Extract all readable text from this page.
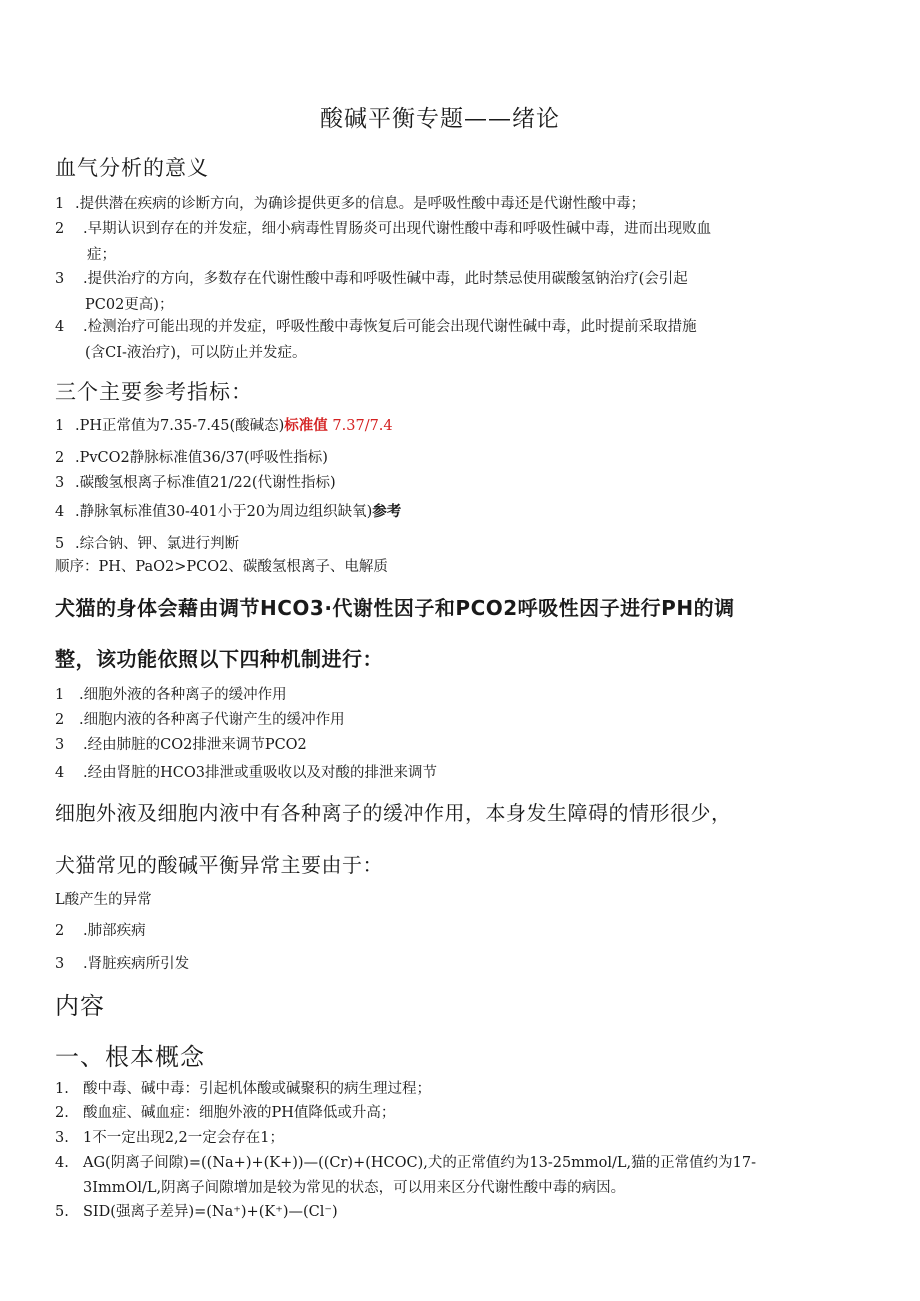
酸碱平衡专题——绪论
血气分析的意义
1 .提供潜在疾病的诊断方向，为确诊提供更多的信息。是呼吸性酸中毒还是代谢性酸中毒；
2 .早期认识到存在的并发症，细小病毒性胃肠炎可出现代谢性酸中毒和呼吸性碱中毒，进而出现败血
症；
3 .提供治疗的方向，多数存在代谢性酸中毒和呼吸性碱中毒，此时禁忌使用碳酸氢钠治疗(会引起
PC02更高)；
4 .检测治疗可能出现的并发症，呼吸性酸中毒恢复后可能会出现代谢性碱中毒，此时提前采取措施
(含CI-液治疗)，可以防止并发症。
三个主要参考指标：
1 .PH正常值为7.35-7.45(酸碱态)标准值 7.37/7.4
2 .PvCO2静脉标准值36/37(呼吸性指标)
3 .碳酸氢根离子标准值21/22(代谢性指标)
4 .静脉氧标准值30-401小于20为周边组织缺氧)参考
5 .综合钠、钾、氯进行判断
顺序：PH、PaO2>PCO2、碳酸氢根离子、电解质
犬猫的身体会藉由调节HCO3·代谢性因子和PCO2呼吸性因子进行PH的调
整，该功能依照以下四种机制进行：
1 .细胞外液的各种离子的缓冲作用
2 .细胞内液的各种离子代谢产生的缓冲作用
3 .经由肺脏的CO2排泄来调节PCO2
4 .经由肾脏的HCO3排泄或重吸收以及对酸的排泄来调节
细胞外液及细胞内液中有各种离子的缓冲作用，本身发生障碍的情形很少，
犬猫常见的酸碱平衡异常主要由于：
L酸产生的异常
2 .肺部疾病
3 .肾脏疾病所引发
内容
一、根本概念
1. 酸中毒、碱中毒：引起机体酸或碱聚积的病生理过程；
2. 酸血症、碱血症：细胞外液的PH值降低或升高；
3. 1不一定出现2,2一定会存在1；
4. AG(阴离子间隙)=((Na+)+(K+))—((Cr)+(HCOC),犬的正常值约为13-25mmol∕L,猫的正常值约为17-
3ImmOl/L,阴离子间隙增加是较为常见的状态，可以用来区分代谢性酸中毒的病因。
5. SID(强离子差异)=(Na⁺)+(K⁺)—(Cl⁻)
